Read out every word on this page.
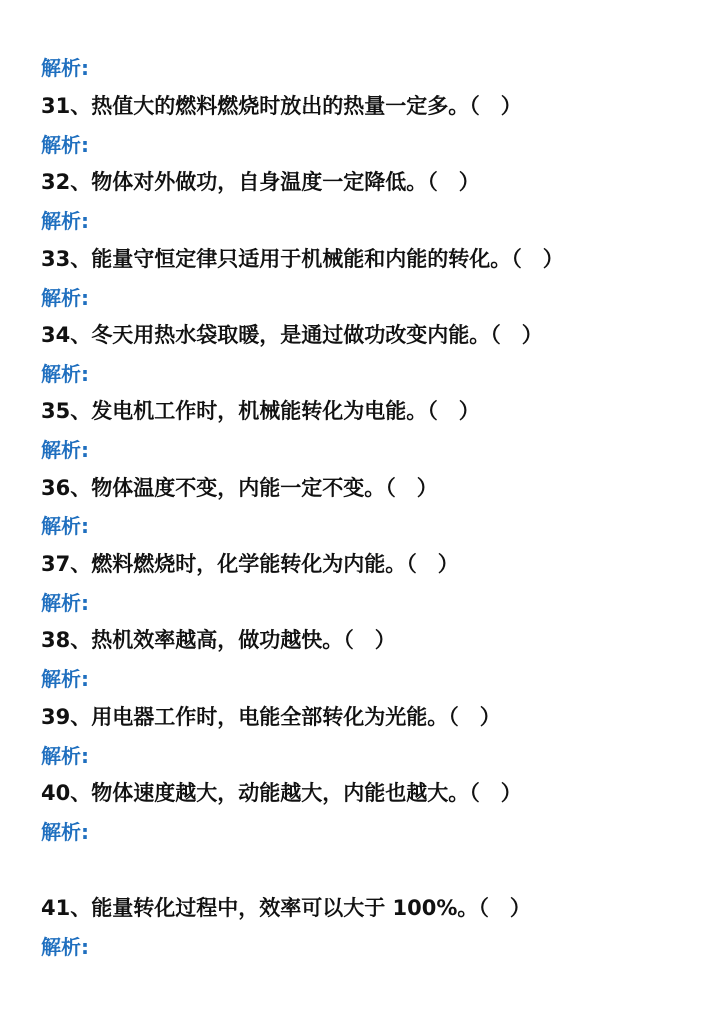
解析:
31、热值大的燃料燃烧时放出的热量一定多。（　）
解析:
32、物体对外做功，自身温度一定降低。（　）
解析:
33、能量守恒定律只适用于机械能和内能的转化。（　）
解析:
34、冬天用热水袋取暖，是通过做功改变内能。（　）
解析:
35、发电机工作时，机械能转化为电能。（　）
解析:
36、物体温度不变，内能一定不变。（　）
解析:
37、燃料燃烧时，化学能转化为内能。（　）
解析:
38、热机效率越高，做功越快。（　）
解析:
39、用电器工作时，电能全部转化为光能。（　）
解析:
40、物体速度越大，动能越大，内能也越大。（　）
解析:
41、能量转化过程中，效率可以大于 100%。（　）
解析:
